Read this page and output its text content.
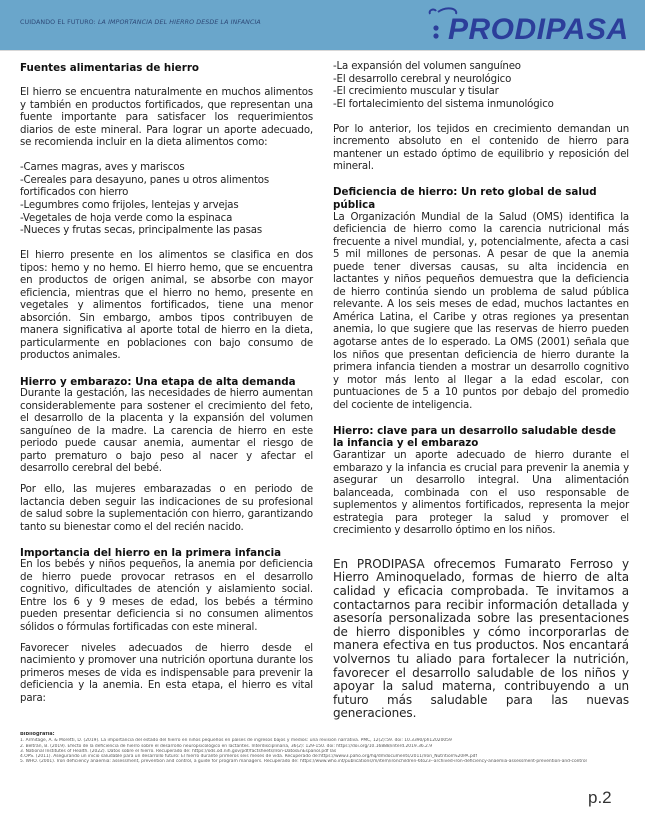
CUIDANDO EL FUTURO: LA IMPORTANCIA DEL HIERRO DESDE LA INFANCIA	PRODIPASA
Fuentes alimentarias de hierro

El hierro se encuentra naturalmente en muchos alimentos y también en productos fortificados, que representan una fuente importante para satisfacer los requerimientos diarios de este mineral. Para lograr un aporte adecuado, se recomienda incluir en la dieta alimentos como:

-Carnes magras, aves y mariscos
-Cereales para desayuno, panes u otros alimentos fortificados con hierro
-Legumbres como frijoles, lentejas y arvejas
-Vegetales de hoja verde como la espinaca
-Nueces y frutas secas, principalmente las pasas

El hierro presente en los alimentos se clasifica en dos tipos: hemo y no hemo. El hierro hemo, que se encuentra en productos de origen animal, se absorbe con mayor eficiencia, mientras que el hierro no hemo, presente en vegetales y alimentos fortificados, tiene una menor absorción. Sin embargo, ambos tipos contribuyen de manera significativa al aporte total de hierro en la dieta, particularmente en poblaciones con bajo consumo de productos animales.

Hierro y embarazo: Una etapa de alta demanda

Durante la gestación, las necesidades de hierro aumentan considerablemente para sostener el crecimiento del feto, el desarrollo de la placenta y la expansión del volumen sanguíneo de la madre. La carencia de hierro en este periodo puede causar anemia, aumentar el riesgo de parto prematuro o bajo peso al nacer y afectar el desarrollo cerebral del bebé.

Por ello, las mujeres embarazadas o en periodo de lactancia deben seguir las indicaciones de su profesional de salud sobre la suplementación con hierro, garantizando tanto su bienestar como el del recién nacido.

Importancia del hierro en la primera infancia

En los bebés y niños pequeños, la anemia por deficiencia de hierro puede provocar retrasos en el desarrollo cognitivo, dificultades de atención y aislamiento social. Entre los 6 y 9 meses de edad, los bebés a término pueden presentar deficiencia si no consumen alimentos sólidos o fórmulas fortificadas con este mineral.

Favorecer niveles adecuados de hierro desde el nacimiento y promover una nutrición oportuna durante los primeros meses de vida es indispensable para prevenir la deficiencia y la anemia. En esta etapa, el hierro es vital para:

-La expansión del volumen sanguíneo
-El desarrollo cerebral y neurológico
-El crecimiento muscular y tisular
-El fortalecimiento del sistema inmunológico

Por lo anterior, los tejidos en crecimiento demandan un incremento absoluto en el contenido de hierro para mantener un estado óptimo de equilibrio y reposición del mineral.

Deficiencia de hierro: Un reto global de salud pública

La Organización Mundial de la Salud (OMS) identifica la deficiencia de hierro como la carencia nutricional más frecuente a nivel mundial, y, potencialmente, afecta a casi 5 mil millones de personas. A pesar de que la anemia puede tener diversas causas, su alta incidencia en lactantes y niños pequeños demuestra que la deficiencia de hierro continúa siendo un problema de salud pública relevante. A los seis meses de edad, muchos lactantes en América Latina, el Caribe y otras regiones ya presentan anemia, lo que sugiere que las reservas de hierro pueden agotarse antes de lo esperado. La OMS (2001) señala que los niños que presentan deficiencia de hierro durante la primera infancia tienden a mostrar un desarrollo cognitivo y motor más lento al llegar a la edad escolar, con puntuaciones de 5 a 10 puntos por debajo del promedio del cociente de inteligencia.

Hierro: clave para un desarrollo saludable desde la infancia y el embarazo

Garantizar un aporte adecuado de hierro durante el embarazo y la infancia es crucial para prevenir la anemia y asegurar un desarrollo integral. Una alimentación balanceada, combinada con el uso responsable de suplementos y alimentos fortificados, representa la mejor estrategia para proteger la salud y promover el crecimiento y desarrollo óptimo en los niños.

En PRODIPASA ofrecemos Fumarato Ferroso y Hierro Aminoquelado, formas de hierro de alta calidad y eficacia comprobada. Te invitamos a contactarnos para recibir información detallada y asesoría personalizada sobre las presentaciones de hierro disponibles y cómo incorporarlas de manera efectiva en tus productos. Nos encantará volvernos tu aliado para fortalecer la nutrición, favorecer el desarrollo saludable de los niños y apoyar la salud materna, contribuyendo a un futuro más saludable para las nuevas generaciones.

Bibliografía:
1. Armitage, A. & Moretti, D. (2019). La importancia del estado del hierro en niños pequeños en países de ingresos bajos y medios: una revisión narrativa. PMC, 12(2):59. doi: 10.3390/ph12020059
2. Beltrán, B. (2019). Efecto de la deficiencia de hierro sobre el desarrollo neuropsicológico en lactantes. Interdisciplinaria, 36(2): 129-150. doi: https://doi.org/10.16888/interd.2019.36.2.9
3. National Institutes of Health. (2022). Datos sobre el hierro. Recuperado de: https://ods.od.nih.gov/pdf/factsheets/Iron-DatosEnEspanol.pdf las
4.OPS. (2011). Asegurando un inicio saludable para un desarrollo futuro: El hierro durante primeros seis meses de vida. Recuperado de:https://www3.paho.org/hq/dmdocuments/2011/Iron_Nutrition%20PA.pdf
5. WHO. (2001). Iron deficiency anaemia: assessment, prevention and control, a guide for program managers. Recuperado de: https://www.who.int/publications/m/item/ironchildren-6to23--archived-iron-deficiency-anaemia-assessment-prevention-and-control
p.2
